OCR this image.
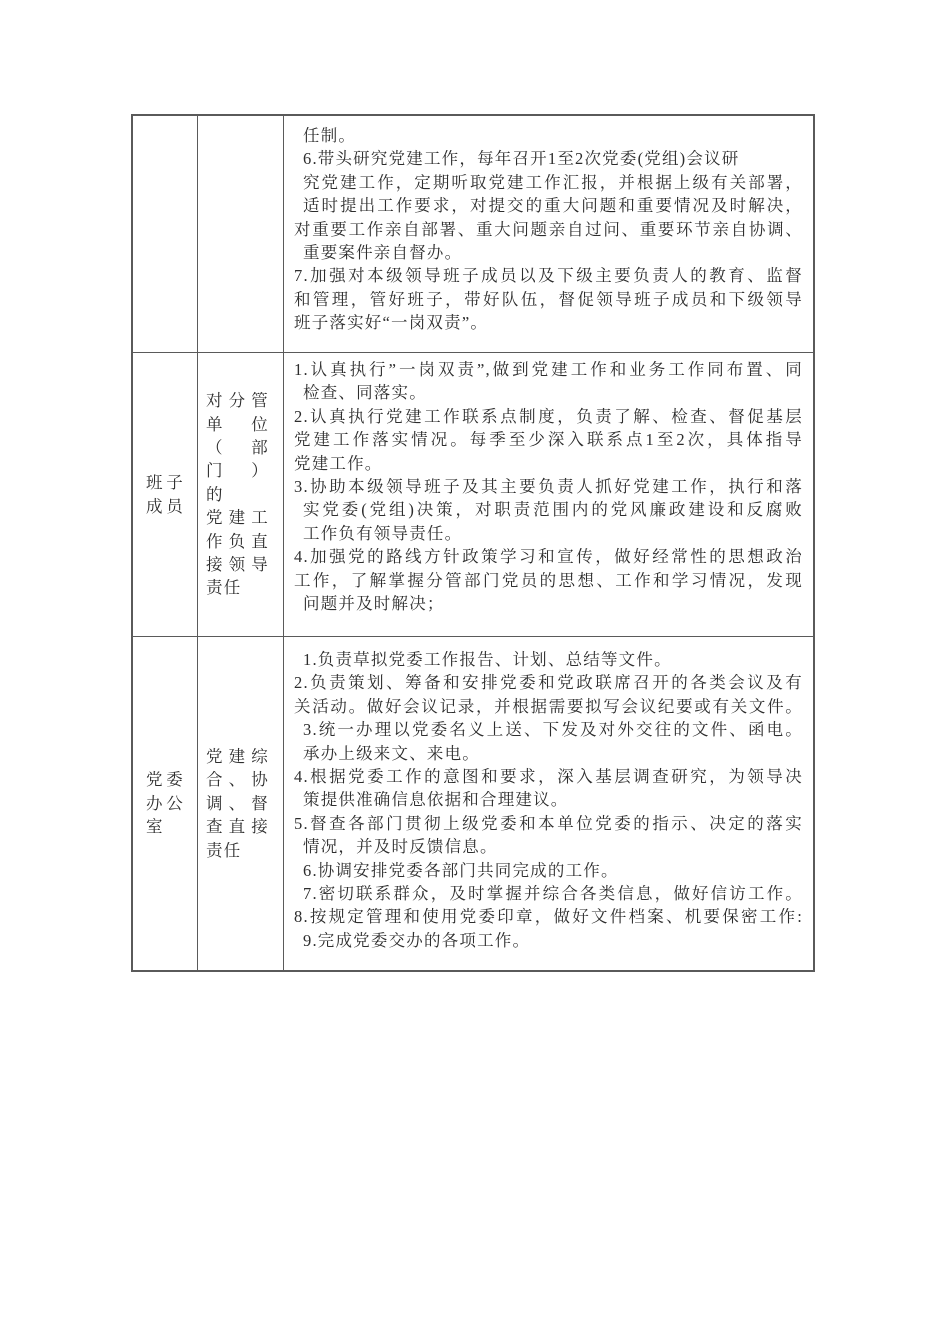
任制。
6.带头研究党建工作，每年召开1至2次党委(党组)会议研
究党建工作，定期听取党建工作汇报，并根据上级有关部署，
适时提出工作要求，对提交的重大问题和重要情况及时解决，
对重要工作亲自部署、重大问题亲自过问、重要环节亲自协调、
重要案件亲自督办。
7.加强对本级领导班子成员以及下级主要负责人的教育、监督
和管理，管好班子，带好队伍，督促领导班子成员和下级领导
班子落实好“一岗双责”。
班子
成员
对分管
单位
（部
门）
的
党建工
作负直
接领导
责任
1.认真执行”一岗双责”,做到党建工作和业务工作同布置、同
检查、同落实。
2.认真执行党建工作联系点制度，负责了解、检查、督促基层
党建工作落实情况。每季至少深入联系点1至2次，具体指导
党建工作。
3.协助本级领导班子及其主要负责人抓好党建工作，执行和落
实党委(党组)决策，对职责范围内的党风廉政建设和反腐败
工作负有领导责任。
4.加强党的路线方针政策学习和宣传，做好经常性的思想政治
工作，了解掌握分管部门党员的思想、工作和学习情况，发现
问题并及时解决；
党委
办公
室
党建综
合、协
调、督
查直接
责任
1.负责草拟党委工作报告、计划、总结等文件。
2.负责策划、筹备和安排党委和党政联席召开的各类会议及有
关活动。做好会议记录，并根据需要拟写会议纪要或有关文件。
3.统一办理以党委名义上送、下发及对外交往的文件、函电。
承办上级来文、来电。
4.根据党委工作的意图和要求，深入基层调查研究，为领导决
策提供准确信息依据和合理建议。
5.督查各部门贯彻上级党委和本单位党委的指示、决定的落实
情况，并及时反馈信息。
6.协调安排党委各部门共同完成的工作。
7.密切联系群众，及时掌握并综合各类信息，做好信访工作。
8.按规定管理和使用党委印章，做好文件档案、机要保密工作:
9.完成党委交办的各项工作。
